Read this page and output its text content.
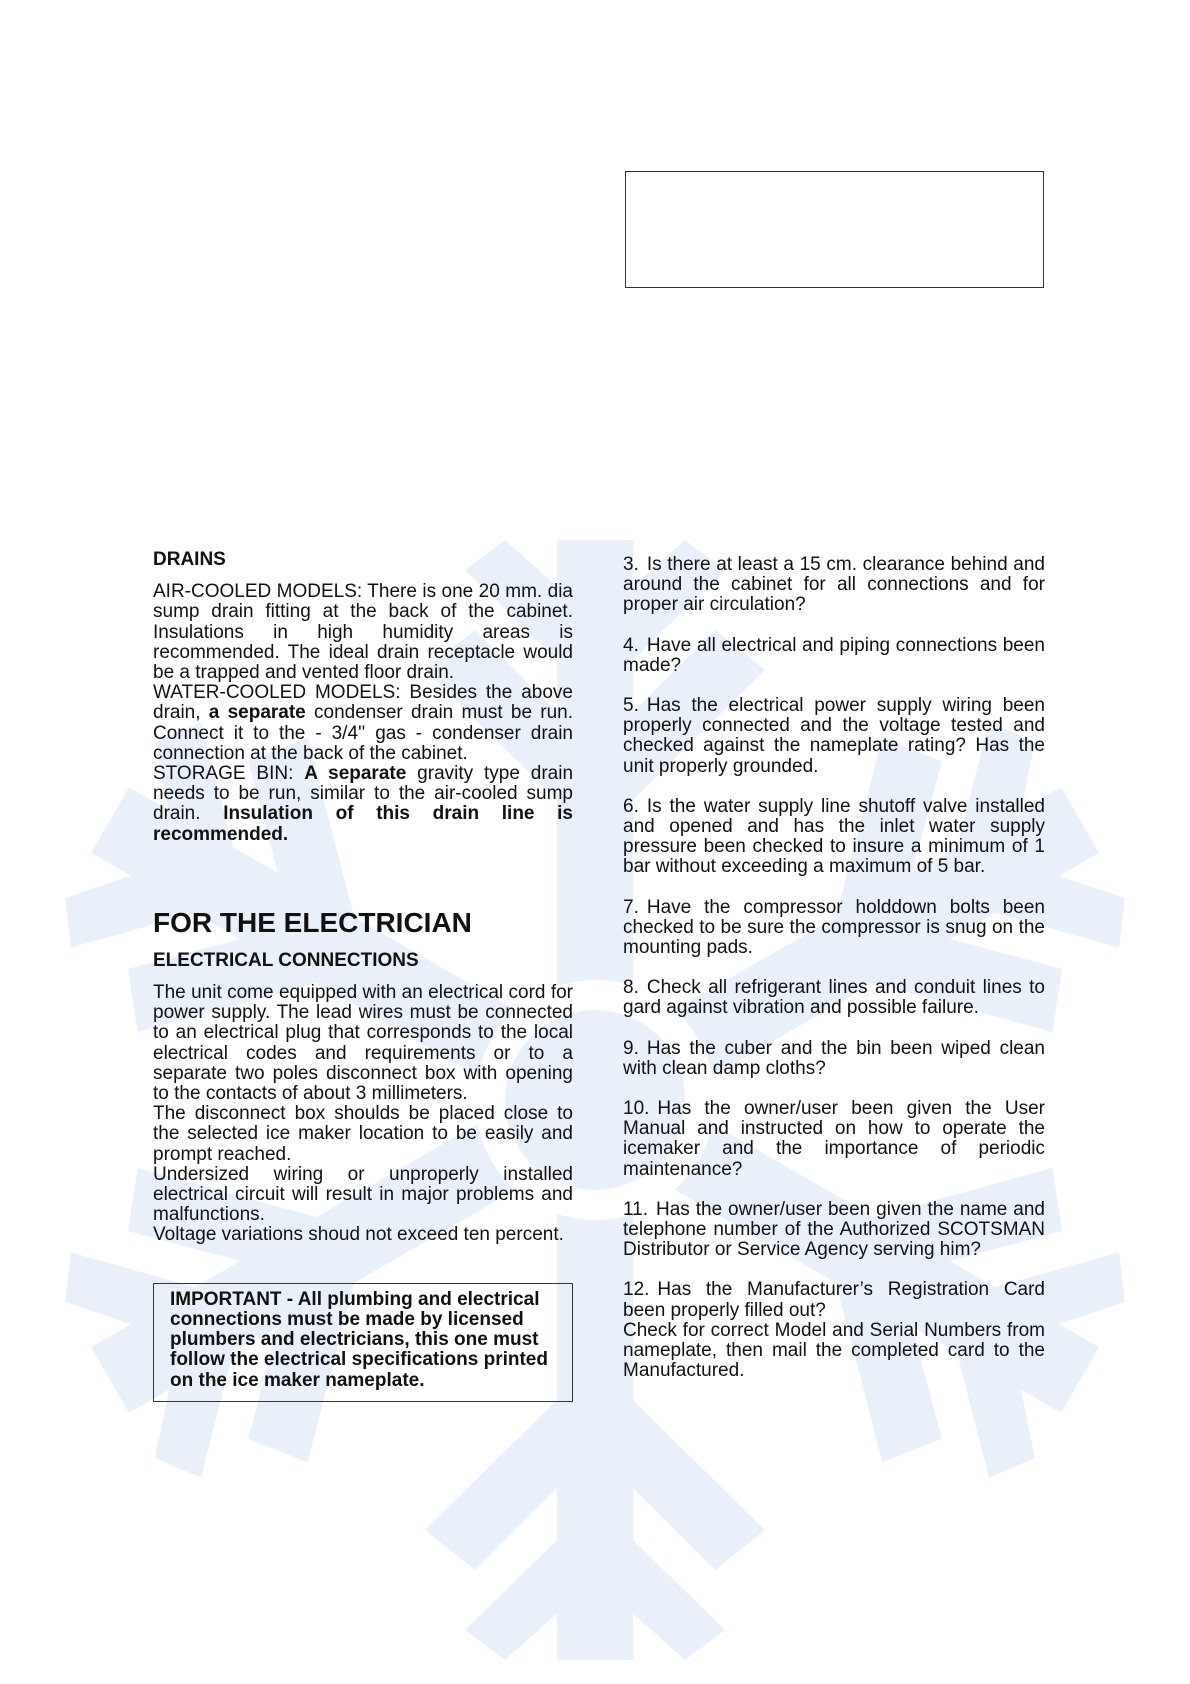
DRAINS

AIR-COOLED MODELS: There is one 20 mm. dia sump drain fitting at the back of the cabinet. Insulations in high humidity areas is recommended. The ideal drain receptacle would be a trapped and vented floor drain.

WATER-COOLED MODELS: Besides the above drain, a separate condenser drain must be run. Connect it to the - 3/4'' gas - condenser drain connection at the back of the cabinet.

STORAGE BIN: A separate gravity type drain needs to be run, similar to the air-cooled sump drain. Insulation of this drain line is recommended.

FOR THE ELECTRICIAN
ELECTRICAL CONNECTIONS

The unit come equipped with an electrical cord for power supply. The lead wires must be connected to an electrical plug that corresponds to the local electrical codes and requirements or to a separate two poles disconnect box with opening to the contacts of about 3 millimeters.

The disconnect box shoulds be placed close to the selected ice maker location to be easily and prompt reached.

Undersized wiring or unproperly installed electrical circuit will result in major problems and malfunctions.

Voltage variations shoud not exceed ten percent.

IMPORTANT - All plumbing and electrical connections must be made by licensed plumbers and electricians, this one must follow the electrical specifications printed on the ice maker nameplate.

3. Is there at least a 15 cm. clearance behind and around the cabinet for all connections and for proper air circulation?

4. Have all electrical and piping connections been made?

5. Has the electrical power supply wiring been properly connected and the voltage tested and checked against the nameplate rating? Has the unit properly grounded.

6. Is the water supply line shutoff valve installed and opened and has the inlet water supply pressure been checked to insure a minimum of 1 bar without exceeding a maximum of 5 bar.

7. Have the compressor holddown bolts been checked to be sure the compressor is snug on the mounting pads.

8. Check all refrigerant lines and conduit lines to gard against vibration and possible failure.

9. Has the cuber and the bin been wiped clean with clean damp cloths?

10. Has the owner/user been given the User Manual and instructed on how to operate the icemaker and the importance of periodic maintenance?

11. Has the owner/user been given the name and telephone number of the Authorized SCOTSMAN Distributor or Service Agency serving him?

12. Has the Manufacturer’s Registration Card been properly filled out?

Check for correct Model and Serial Numbers from nameplate, then mail the completed card to the Manufactured.
